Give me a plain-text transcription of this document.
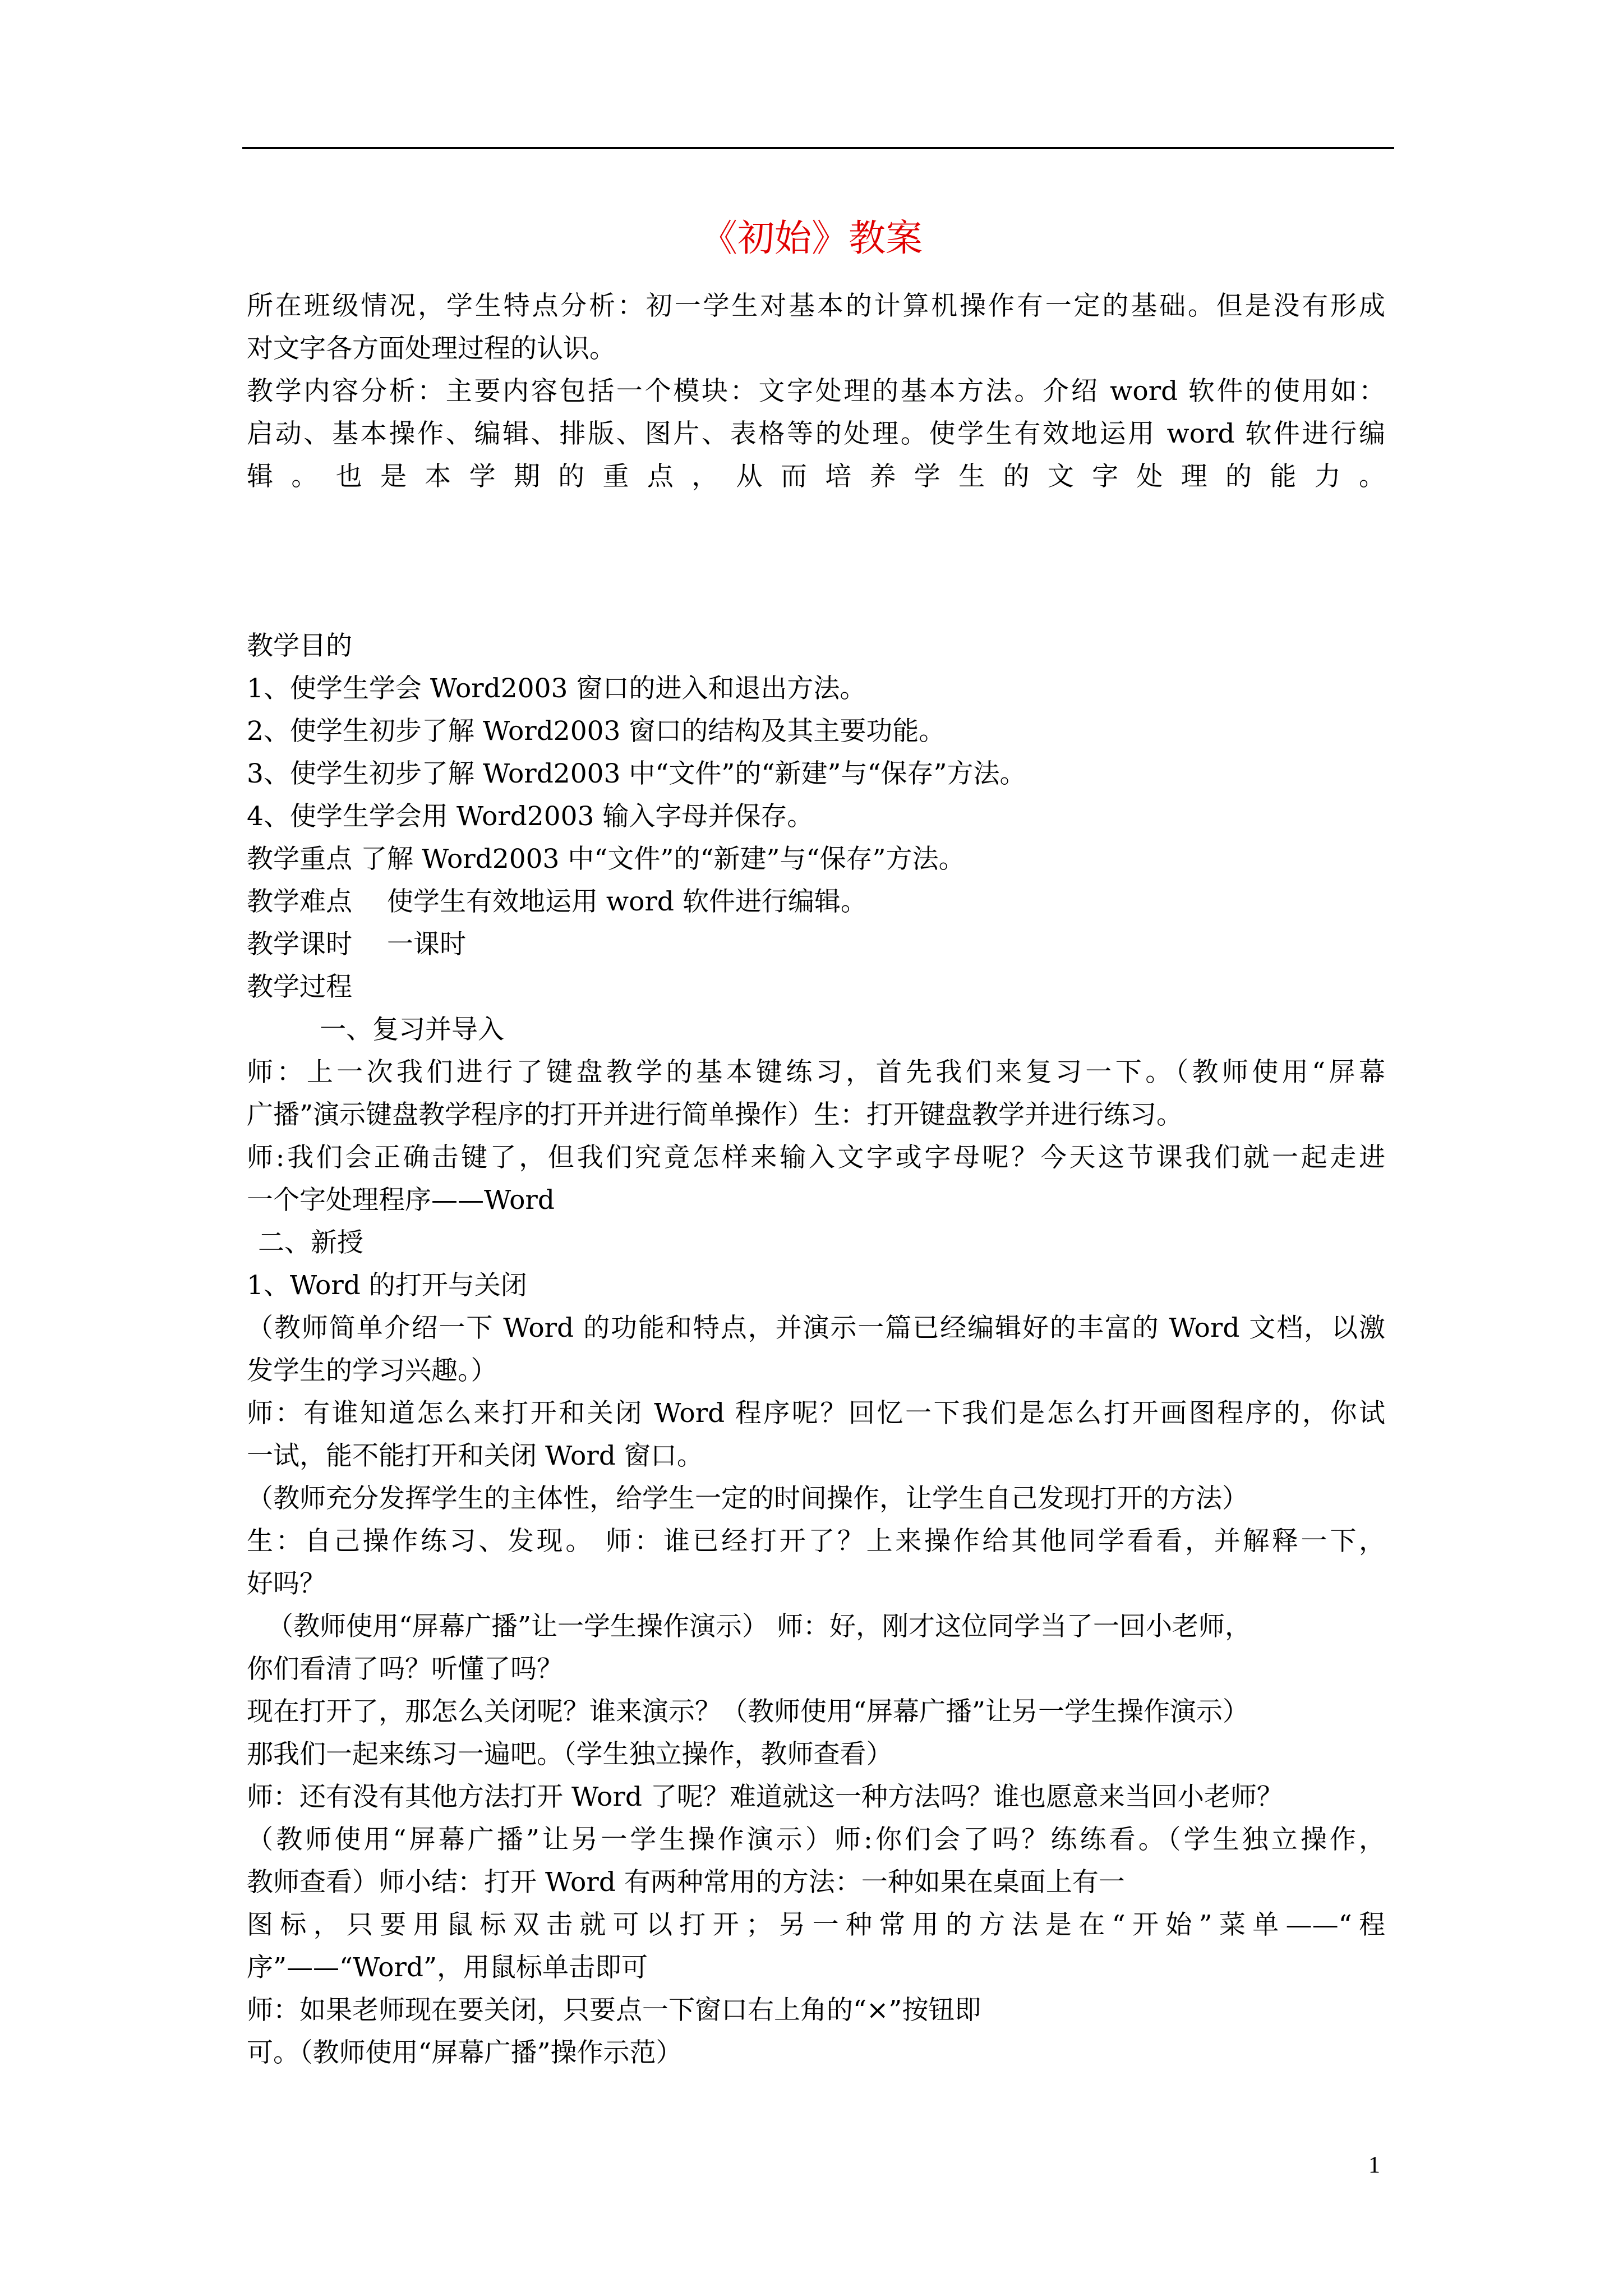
《初始》教案
所在班级情况，学生特点分析：初一学生对基本的计算机操作有一定的基础。但是没有形成
对文字各方面处理过程的认识。
教学内容分析：主要内容包括一个模块：文字处理的基本方法。介绍 word 软件的使用如：
启动、基本操作、编辑、排版、图片、表格等的处理。使学生有效地运用 word 软件进行编
辑。也是本学期的重点，从而培养学生的文字处理的能力。
教学目的
1、使学生学会 Word2003 窗口的进入和退出方法。
2、使学生初步了解 Word2003 窗口的结构及其主要功能。
3、使学生初步了解 Word2003 中“文件”的“新建”与“保存”方法。
4、使学生学会用 Word2003 输入字母并保存。
教学重点 了解 Word2003 中“文件”的“新建”与“保存”方法。
教学难点　 使学生有效地运用 word 软件进行编辑。
教学课时　 一课时
教学过程
一、复习并导入
师：上一次我们进行了键盘教学的基本键练习，首先我们来复习一下。（教师使用“屏幕
广播”演示键盘教学程序的打开并进行简单操作）生：打开键盘教学并进行练习。
师:我们会正确击键了，但我们究竟怎样来输入文字或字母呢？今天这节课我们就一起走进
一个字处理程序——Word
二、新授
1、Word 的打开与关闭
（教师简单介绍一下 Word 的功能和特点，并演示一篇已经编辑好的丰富的 Word 文档，以激
发学生的学习兴趣。）
师：有谁知道怎么来打开和关闭 Word 程序呢？回忆一下我们是怎么打开画图程序的，你试
一试，能不能打开和关闭 Word 窗口。
（教师充分发挥学生的主体性，给学生一定的时间操作，让学生自己发现打开的方法）
生：自己操作练习、发现。 师：谁已经打开了？上来操作给其他同学看看，并解释一下，
好吗？
（教师使用“屏幕广播”让一学生操作演示） 师：好，刚才这位同学当了一回小老师，
你们看清了吗？听懂了吗？
现在打开了，那怎么关闭呢？谁来演示？（教师使用“屏幕广播”让另一学生操作演示）
那我们一起来练习一遍吧。（学生独立操作，教师查看）
师：还有没有其他方法打开 Word 了呢？难道就这一种方法吗？谁也愿意来当回小老师？
（教师使用“屏幕广播”让另一学生操作演示）师:你们会了吗？练练看。（学生独立操作，
教师查看）师小结：打开 Word 有两种常用的方法：一种如果在桌面上有一
图标，只要用鼠标双击就可以打开；另一种常用的方法是在“开始”菜单——“程
序”——“Word”，用鼠标单击即可
师：如果老师现在要关闭，只要点一下窗口右上角的“×”按钮即
可。（教师使用“屏幕广播”操作示范）
1
